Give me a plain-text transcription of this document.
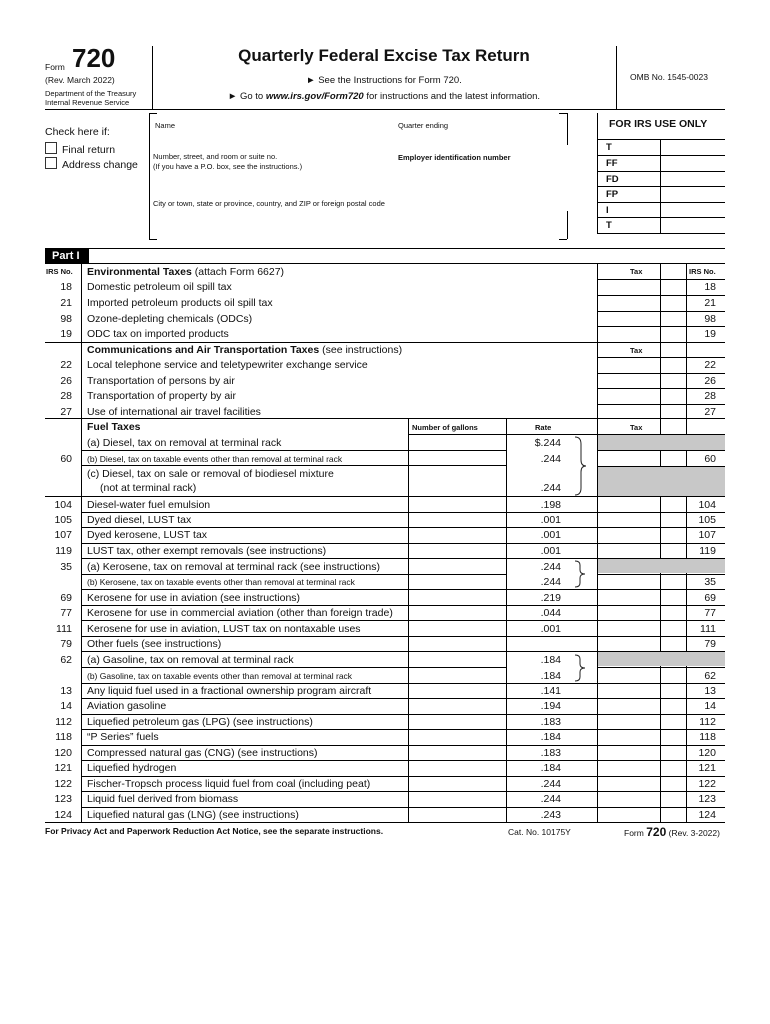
Form 720
(Rev. March 2022)
Department of the Treasury
Internal Revenue Service
Quarterly Federal Excise Tax Return
► See the Instructions for Form 720.
► Go to www.irs.gov/Form720 for instructions and the latest information.
OMB No. 1545-0023
Check here if:
Final return
Address change
Name	Quarter ending
Number, street, and room or suite no.
(If you have a P.O. box, see the instructions.)
Employer identification number
City or town, state or province, country, and ZIP or foreign postal code
FOR IRS USE ONLY
T
FF
FD
FP
I
T
Part I
IRS No.	IRS No.
Tax
Environmental Taxes (attach Form 6627)
18 Domestic petroleum oil spill tax	18
21 Imported petroleum products oil spill tax	21
98 Ozone-depleting chemicals (ODCs)	98
19 ODC tax on imported products	19
Communications and Air Transportation Taxes (see instructions)	Tax
22 Local telephone service and teletypewriter exchange service	22
26 Transportation of persons by air	26
28 Transportation of property by air	28
27 Use of international air travel facilities	27
Fuel Taxes	Number of gallons	Rate	Tax
(a) Diesel, tax on removal at terminal rack	$.244
60 (b) Diesel, tax on taxable events other than removal at terminal rack	.244	60
(c) Diesel, tax on sale or removal of biodiesel mixture
(not at terminal rack)	.244
104 Diesel-water fuel emulsion	.198	104
105 Dyed diesel, LUST tax	.001	105
107 Dyed kerosene, LUST tax	.001	107
119 LUST tax, other exempt removals (see instructions)	.001	119
35 (a) Kerosene, tax on removal at terminal rack (see instructions)	.244
(b) Kerosene, tax on taxable events other than removal at terminal rack	.244	35
69 Kerosene for use in aviation (see instructions)	.219	69
77 Kerosene for use in commercial aviation (other than foreign trade)	.044	77
111 Kerosene for use in aviation, LUST tax on nontaxable uses	.001	111
79 Other fuels (see instructions)	79
62 (a) Gasoline, tax on removal at terminal rack	.184
(b) Gasoline, tax on taxable events other than removal at terminal rack	.184	62
13 Any liquid fuel used in a fractional ownership program aircraft	.141	13
14 Aviation gasoline	.194	14
112 Liquefied petroleum gas (LPG) (see instructions)	.183	112
118 “P Series” fuels	.184	118
120 Compressed natural gas (CNG) (see instructions)	.183	120
121 Liquefied hydrogen	.184	121
122 Fischer-Tropsch process liquid fuel from coal (including peat)	.244	122
123 Liquid fuel derived from biomass	.244	123
124 Liquefied natural gas (LNG) (see instructions)	.243	124
For Privacy Act and Paperwork Reduction Act Notice, see the separate instructions.	Cat. No. 10175Y	Form 720 (Rev. 3-2022)
